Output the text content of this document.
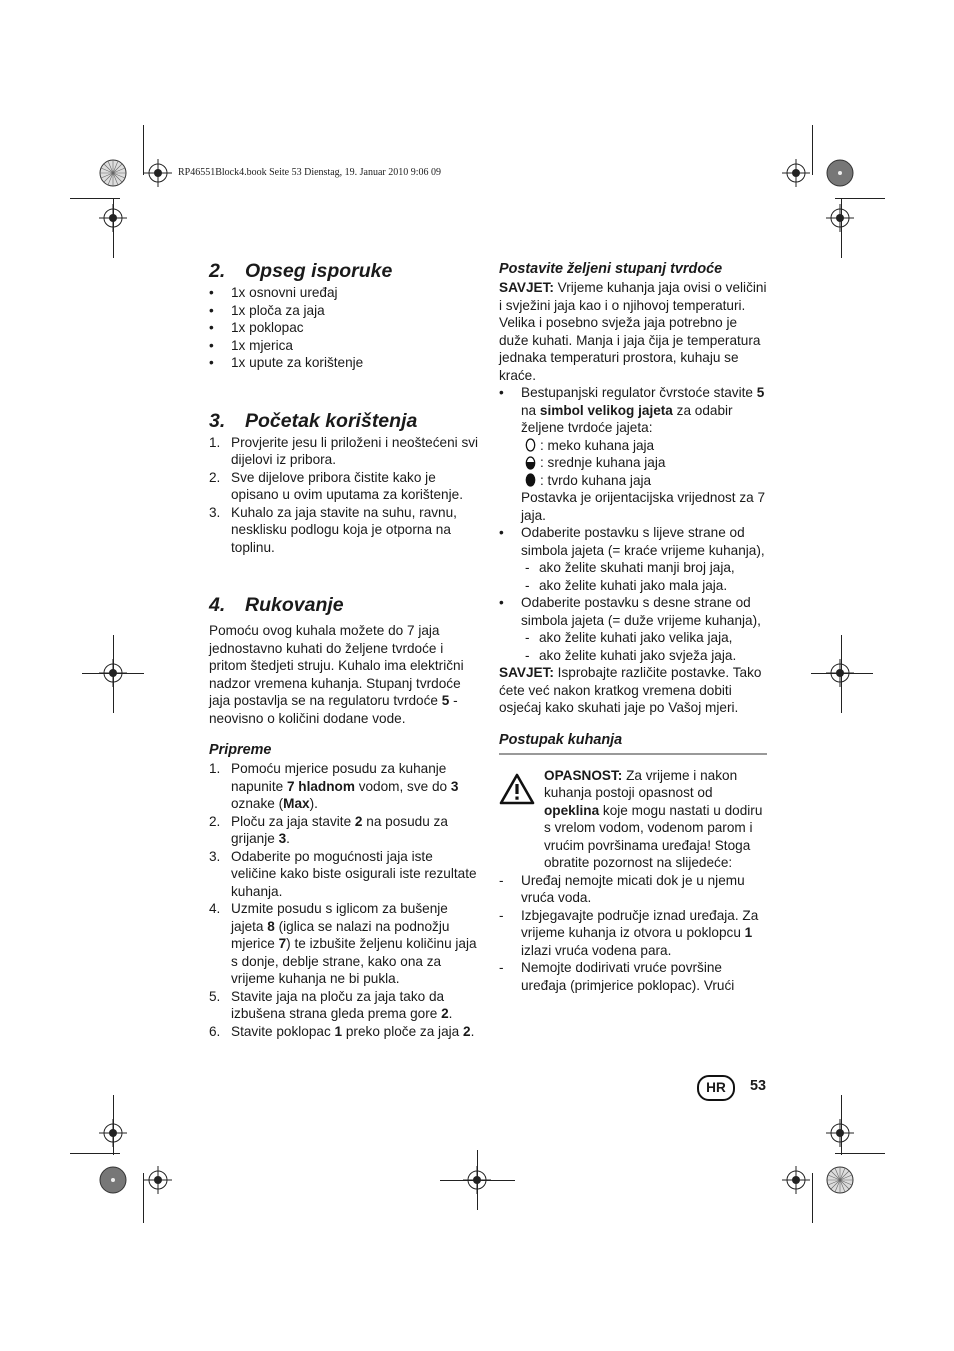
RP46551Block4.book Seite 53 Dienstag, 19. Januar 2010 9:06 09
2. Opseg isporuke
•	1x osnovni uređaj
•	1x ploča za jaja
•	1x poklopac
•	1x mjerica
•	1x upute za korištenje
3. Početak korištenja
1. Provjerite jesu li priloženi i neoštećeni svi dijelovi iz pribora.
2. Sve dijelove pribora čistite kako je opisano u ovim uputama za korištenje.
3. Kuhalo za jaja stavite na suhu, ravnu, nesklisku podlogu koja je otporna na toplinu.
4. Rukovanje

Pomoću ovog kuhala možete do 7 jaja jednostavno kuhati do željene tvrdoće i pritom štedjeti struju. Kuhalo ima električni nadzor vremena kuhanja. Stupanj tvrdoće jaja postavlja se na regulatoru tvrdoće 5 - neovisno o količini dodane vode.

Pripreme
1. Pomoću mjerice posudu za kuhanje napunite 7 hladnom vodom, sve do 3 oznake (Max).
2. Ploču za jaja stavite 2 na posudu za grijanje 3.
3. Odaberite po mogućnosti jaja iste veličine kako biste osigurali iste rezultate kuhanja.
4. Uzmite posudu s iglicom za bušenje jajeta 8 (iglica se nalazi na podnožju mjerice 7) te izbušite željenu količinu jaja s donje, deblje strane, kako ona za vrijeme kuhanja ne bi pukla.
5. Stavite jaja na ploču za jaja tako da izbušena strana gleda prema gore 2.
6. Stavite poklopac 1 preko ploče za jaja 2.
Postavite željeni stupanj tvrdoće

SAVJET: Vrijeme kuhanja jaja ovisi o veličini i svježini jaja kao i o njihovoj temperaturi. Velika i posebno svježa jaja potrebno je duže kuhati. Manja i jaja čija je temperatura jednaka temperaturi prostora, kuhaju se kraće.

•	Bestupanjski regulator čvrstoće stavite 5 na simbol velikog jajeta za odabir željene tvrdoće jajeta:
: meko kuhana jaja
: srednje kuhana jaja
: tvrdo kuhana jaja

Postavka je orijentacijska vrijednost za 7 jaja.

•	Odaberite postavku s lijeve strane od simbola jajeta (= kraće vrijeme kuhanja),
- ako želite skuhati manji broj jaja,
- ako želite kuhati jako mala jaja.
•	Odaberite postavku s desne strane od simbola jajeta (= duže vrijeme kuhanja),
- ako želite kuhati jako velika jaja,
- ako želite kuhati jako svježa jaja.

SAVJET: Isprobajte različite postavke. Tako ćete već nakon kratkog vremena dobiti osjećaj kako skuhati jaje po Vašoj mjeri.

Postupak kuhanja

OPASNOST: Za vrijeme i nakon kuhanja postoji opasnost od opeklina koje mogu nastati u dodiru s vrelom vodom, vodenom parom i vrućim površinama uređaja! Stoga obratite pozornost na slijedeće:

-	Uređaj nemojte micati dok je u njemu vruća voda.
-	Izbjegavajte područje iznad uređaja. Za vrijeme kuhanja iz otvora u poklopcu 1 izlazi vruća vodena para.
-	Nemojte dodirivati vruće površine uređaja (primjerice poklopac). Vrući
HR	53
